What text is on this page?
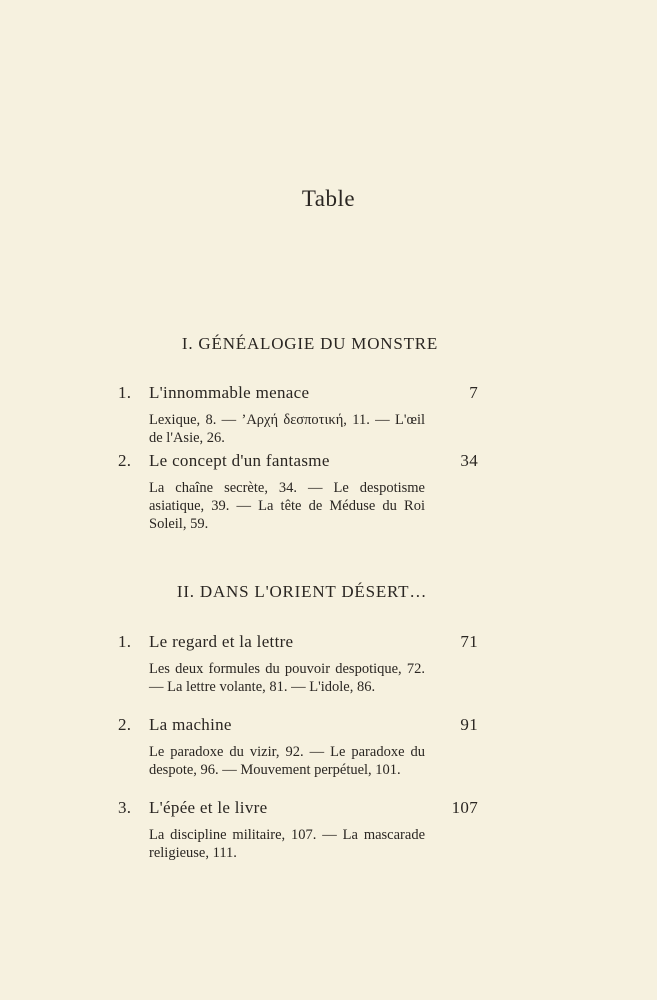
Table
I. GÉNÉALOGIE DU MONSTRE
1. L'innommable menace	7
Lexique, 8. — ’Αρχή δεσποτική, 11. — L'œil de l'Asie, 26.
2. Le concept d'un fantasme	34
La chaîne secrète, 34. — Le despotisme asiatique, 39. — La tête de Méduse du Roi Soleil, 59.
II. DANS L'ORIENT DÉSERT…
1. Le regard et la lettre	71
Les deux formules du pouvoir despotique, 72. — La lettre volante, 81. — L'idole, 86.
2. La machine	91
Le paradoxe du vizir, 92. — Le paradoxe du despote, 96. — Mouvement perpétuel, 101.
3. L'épée et le livre	107
La discipline militaire, 107. — La mascarade religieuse, 111.
